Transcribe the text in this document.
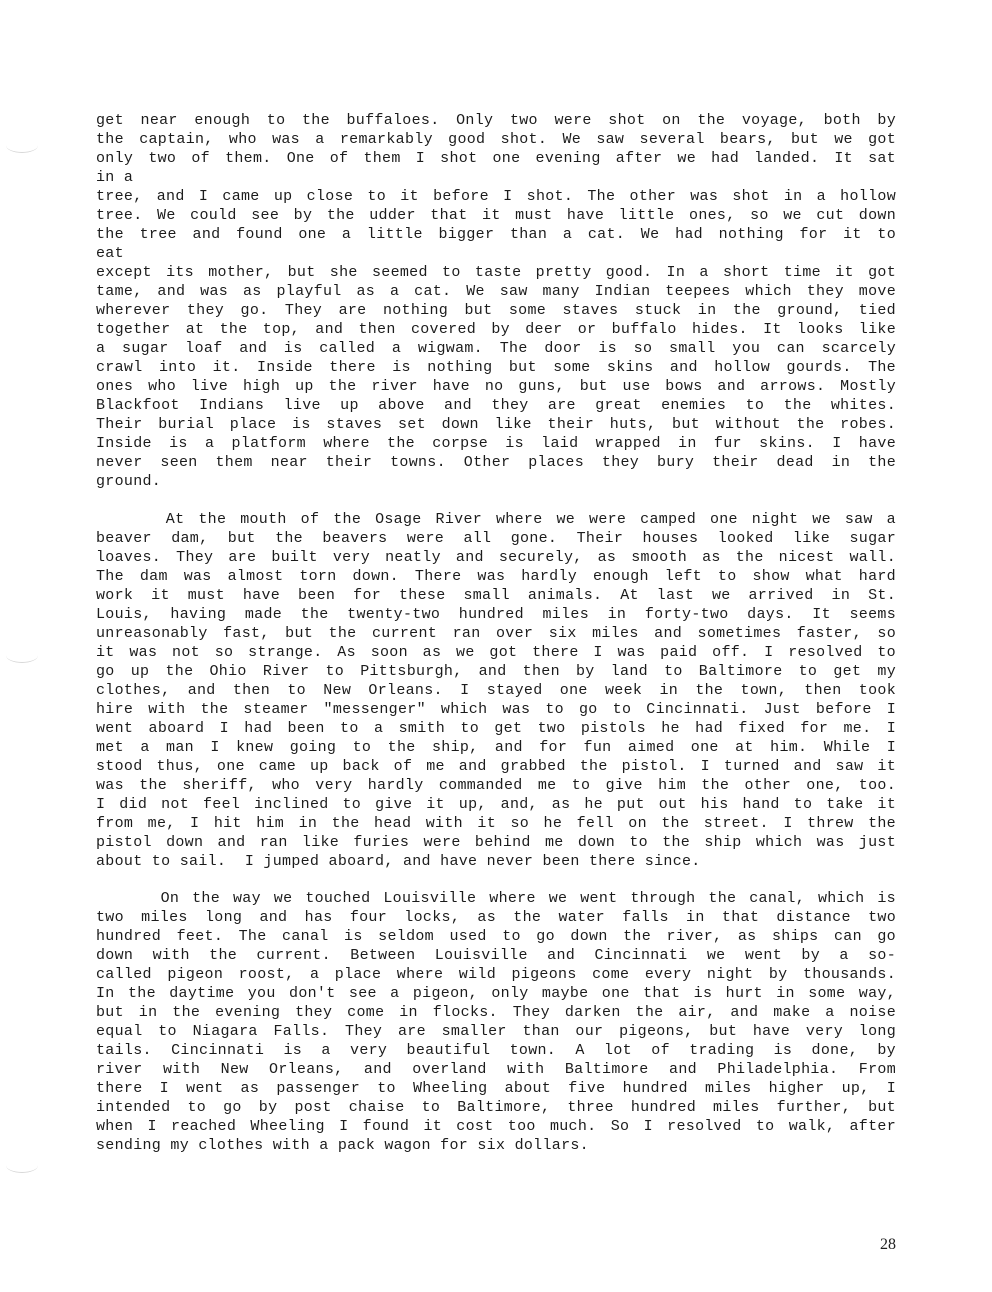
get near enough to the buffaloes. Only two were shot on the voyage, both by
the captain, who was a remarkably good shot. We saw several bears, but we got
only two of them. One of them I shot one evening after we had landed. It sat
in a
tree, and I came up close to it before I shot. The other was shot in a hollow
tree. We could see by the udder that it must have little ones, so we cut down
the tree and found one a little bigger than a cat. We had nothing for it to
eat
except its mother, but she seemed to taste pretty good. In a short time it got
tame, and was as playful as a cat. We saw many Indian teepees which they move
wherever they go. They are nothing but some staves stuck in the ground, tied
together at the top, and then covered by deer or buffalo hides. It looks like
a sugar loaf and is called a wigwam. The door is so small you can scarcely
crawl into it. Inside there is nothing but some skins and hollow gourds. The
ones who live high up the river have no guns, but use bows and arrows. Mostly
Blackfoot Indians live up above and they are great enemies to the whites.
Their burial place is staves set down like their huts, but without the robes.
Inside is a platform where the corpse is laid wrapped in fur skins. I have
never seen them near their towns. Other places they bury their dead in the
ground.
At the mouth of the Osage River where we were camped one night we saw a
beaver dam, but the beavers were all gone. Their houses looked like sugar
loaves. They are built very neatly and securely, as smooth as the nicest wall.
The dam was almost torn down. There was hardly enough left to show what hard
work it must have been for these small animals. At last we arrived in St.
Louis, having made the twenty-two hundred miles in forty-two days. It seems
unreasonably fast, but the current ran over six miles and sometimes faster, so
it was not so strange. As soon as we got there I was paid off. I resolved to
go up the Ohio River to Pittsburgh, and then by land to Baltimore to get my
clothes, and then to New Orleans. I stayed one week in the town, then took
hire with the steamer "messenger" which was to go to Cincinnati. Just before I
went aboard I had been to a smith to get two pistols he had fixed for me. I
met a man I knew going to the ship, and for fun aimed one at him. While I
stood thus, one came up back of me and grabbed the pistol. I turned and saw it
was the sheriff, who very hardly commanded me to give him the other one, too.
I did not feel inclined to give it up, and, as he put out his hand to take it
from me, I hit him in the head with it so he fell on the street. I threw the
pistol down and ran like furies were behind me down to the ship which was just
about to sail.  I jumped aboard, and have never been there since.
On the way we touched Louisville where we went through the canal, which is
two miles long and has four locks, as the water falls in that distance two
hundred feet. The canal is seldom used to go down the river, as ships can go
down with the current. Between Louisville and Cincinnati we went by a so-
called pigeon roost, a place where wild pigeons come every night by thousands.
In the daytime you don't see a pigeon, only maybe one that is hurt in some way,
but in the evening they come in flocks. They darken the air, and make a noise
equal to Niagara Falls. They are smaller than our pigeons, but have very long
tails. Cincinnati is a very beautiful town. A lot of trading is done, by
river with New Orleans, and overland with Baltimore and Philadelphia. From
there I went as passenger to Wheeling about five hundred miles higher up, I
intended to go by post chaise to Baltimore, three hundred miles further, but
when I reached Wheeling I found it cost too much. So I resolved to walk, after
sending my clothes with a pack wagon for six dollars.
28
